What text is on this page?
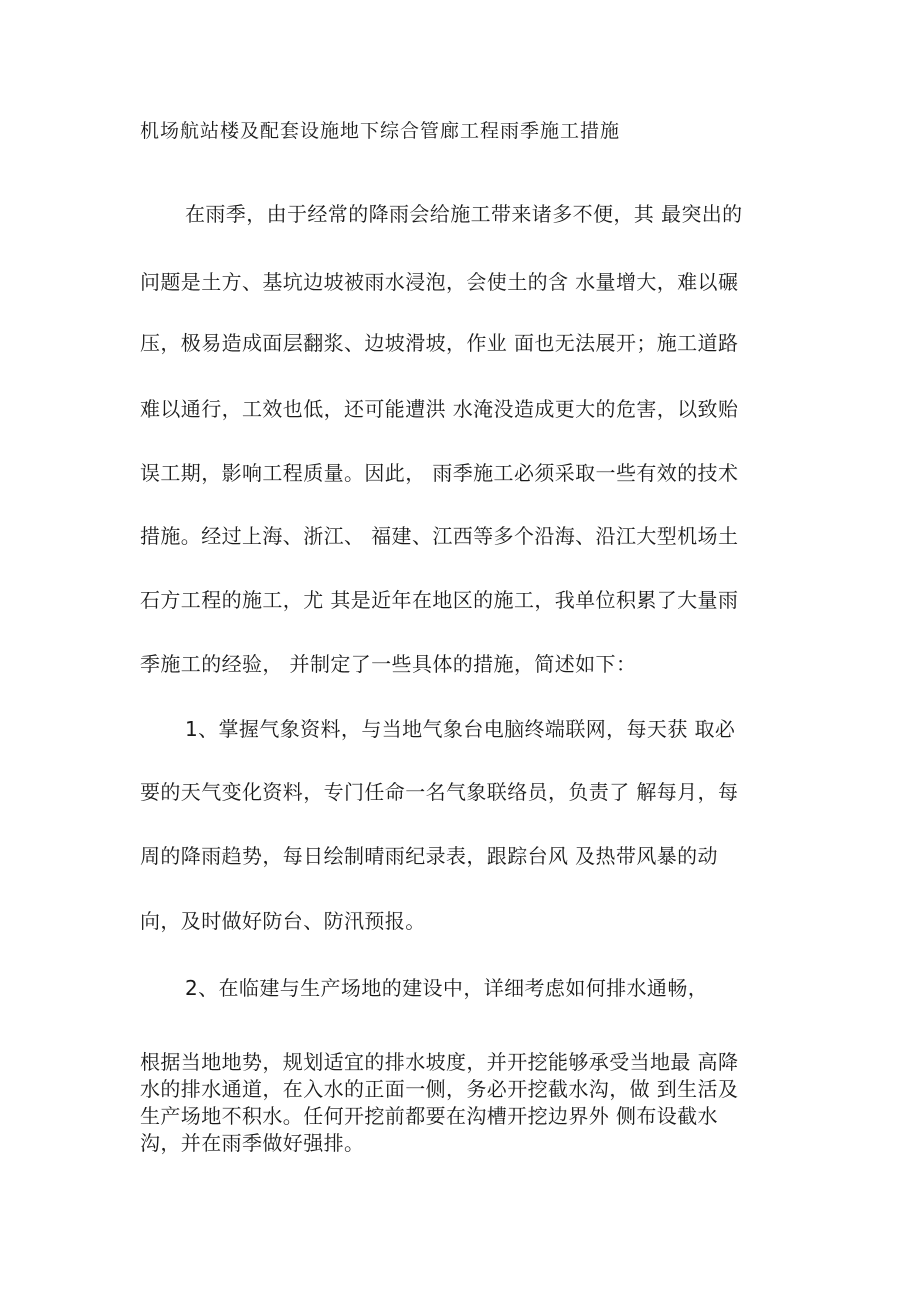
机场航站楼及配套设施地下综合管廊工程雨季施工措施
在雨季，由于经常的降雨会给施工带来诸多不便，其 最突出的
问题是土方、基坑边坡被雨水浸泡，会使土的含 水量增大，难以碾
压，极易造成面层翻浆、边坡滑坡，作业 面也无法展开；施工道路
难以通行，工效也低，还可能遭洪 水淹没造成更大的危害，以致贻
误工期，影响工程质量。因此， 雨季施工必须采取一些有效的技术
措施。经过上海、浙江、 福建、江西等多个沿海、沿江大型机场土
石方工程的施工，尤 其是近年在地区的施工，我单位积累了大量雨
季施工的经验， 并制定了一些具体的措施，简述如下：
1、掌握气象资料，与当地气象台电脑终端联网，每天获 取必
要的天气变化资料，专门任命一名气象联络员，负责了 解每月，每
周的降雨趋势，每日绘制晴雨纪录表，跟踪台风 及热带风暴的动
向，及时做好防台、防汛预报。
2、在临建与生产场地的建设中，详细考虑如何排水通畅，
根据当地地势，规划适宜的排水坡度，并开挖能够承受当地最 高降
水的排水通道，在入水的正面一侧，务必开挖截水沟，做 到生活及
生产场地不积水。任何开挖前都要在沟槽开挖边界外 侧布设截水
沟，并在雨季做好强排。
